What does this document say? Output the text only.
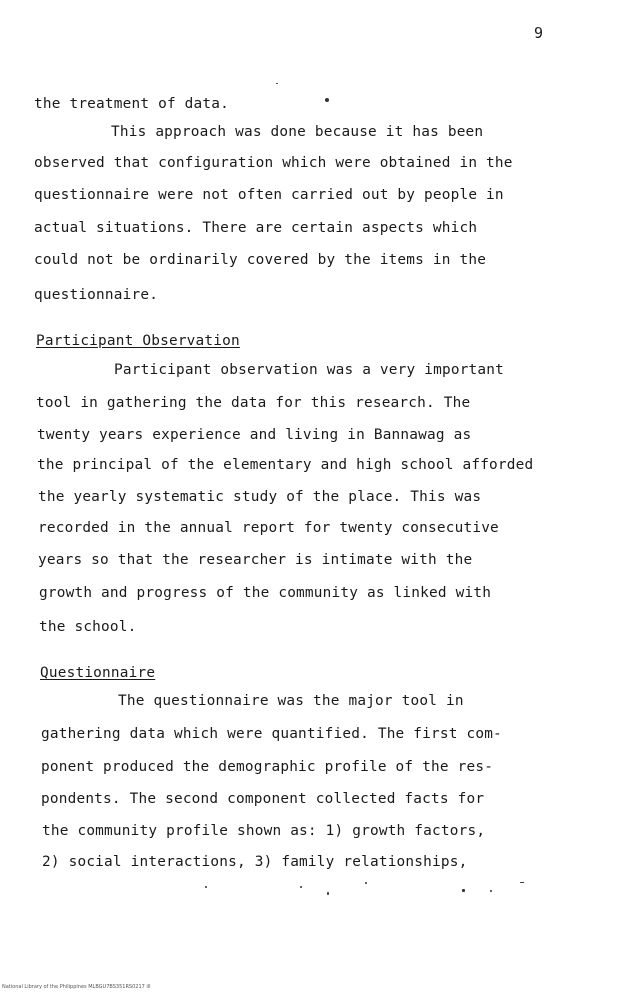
9
the treatment of data.
This approach was done because it has been
observed that configuration which were obtained in the
questionnaire were not often carried out by people in
actual situations. There are certain aspects which
could not be ordinarily covered by the items in the
questionnaire.
Participant Observation
Participant observation was a very important
tool in gathering the data for this research. The
twenty years experience and living in Bannawag as
the principal of the elementary and high school afforded
the yearly systematic study of the place. This was
recorded in the annual report for twenty consecutive
years so that the researcher is intimate with the
growth and progress of the community as linked with
the school.
Questionnaire
The questionnaire was the major tool in
gathering data which were quantified. The first com-
ponent produced the demographic profile of the res-
pondents. The second component collected facts for
the community profile shown as: 1) growth factors,
2) social interactions, 3) family relationships,
National Library of the Philippines MLBGU7BS351RS0217 ill
